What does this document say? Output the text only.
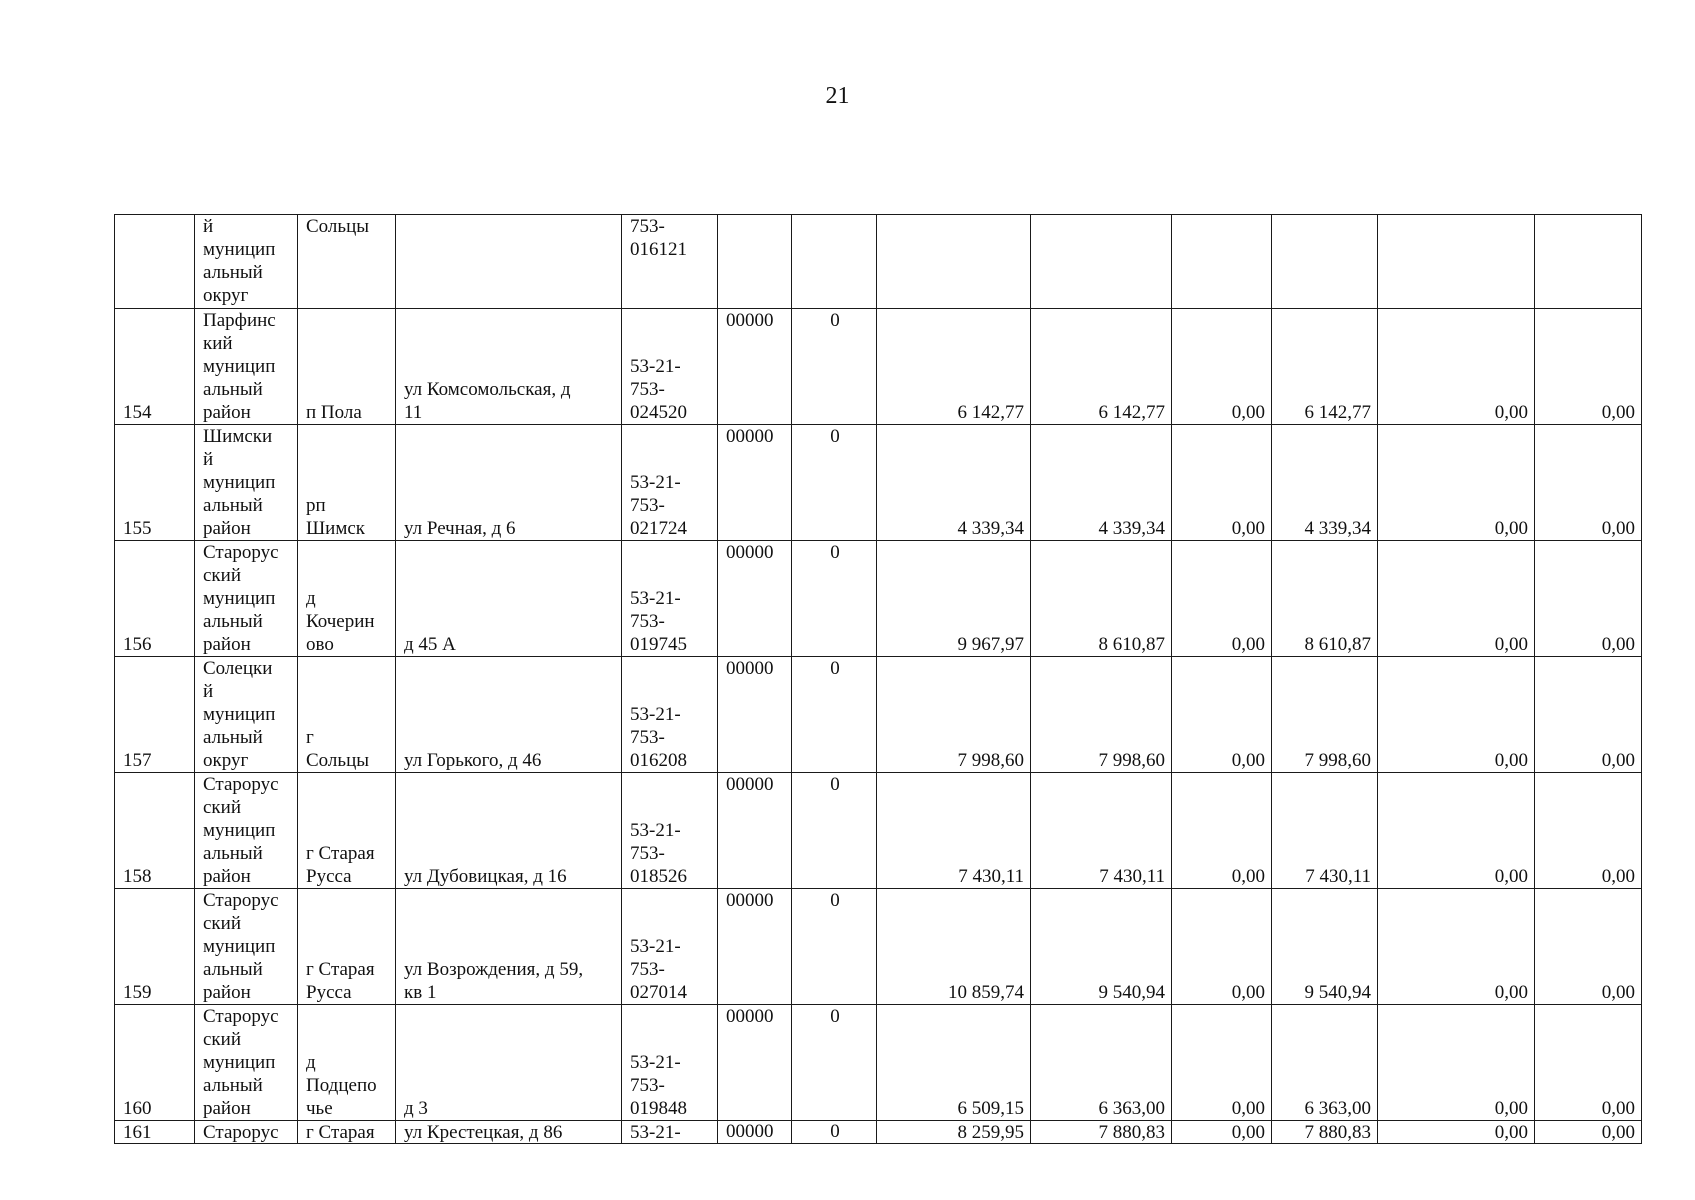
21
	й
муницип
альный
округ	Сольцы		753-
016121								
154	Парфинс
кий
муницип
альный
район	п Пола	ул Комсомольская, д
11	53-21-
753-
024520	00000	0	6 142,77	6 142,77	0,00	6 142,77	0,00	0,00
155	Шимски
й
муницип
альный
район	рп
Шимск	ул Речная, д 6	53-21-
753-
021724	00000	0	4 339,34	4 339,34	0,00	4 339,34	0,00	0,00
156	Старорус
ский
муницип
альный
район	д
Кочерин
ово	д 45 А	53-21-
753-
019745	00000	0	9 967,97	8 610,87	0,00	8 610,87	0,00	0,00
157	Солецки
й
муницип
альный
округ	г
Сольцы	ул Горького, д 46	53-21-
753-
016208	00000	0	7 998,60	7 998,60	0,00	7 998,60	0,00	0,00
158	Старорус
ский
муницип
альный
район	г Старая
Русса	ул Дубовицкая, д 16	53-21-
753-
018526	00000	0	7 430,11	7 430,11	0,00	7 430,11	0,00	0,00
159	Старорус
ский
муницип
альный
район	г Старая
Русса	ул Возрождения, д 59,
кв 1	53-21-
753-
027014	00000	0	10 859,74	9 540,94	0,00	9 540,94	0,00	0,00
160	Старорус
ский
муницип
альный
район	д
Подцепо
чье	д 3	53-21-
753-
019848	00000	0	6 509,15	6 363,00	0,00	6 363,00	0,00	0,00
161	Старорус	г Старая	ул Крестецкая, д 86	53-21-	00000	0	8 259,95	7 880,83	0,00	7 880,83	0,00	0,00
